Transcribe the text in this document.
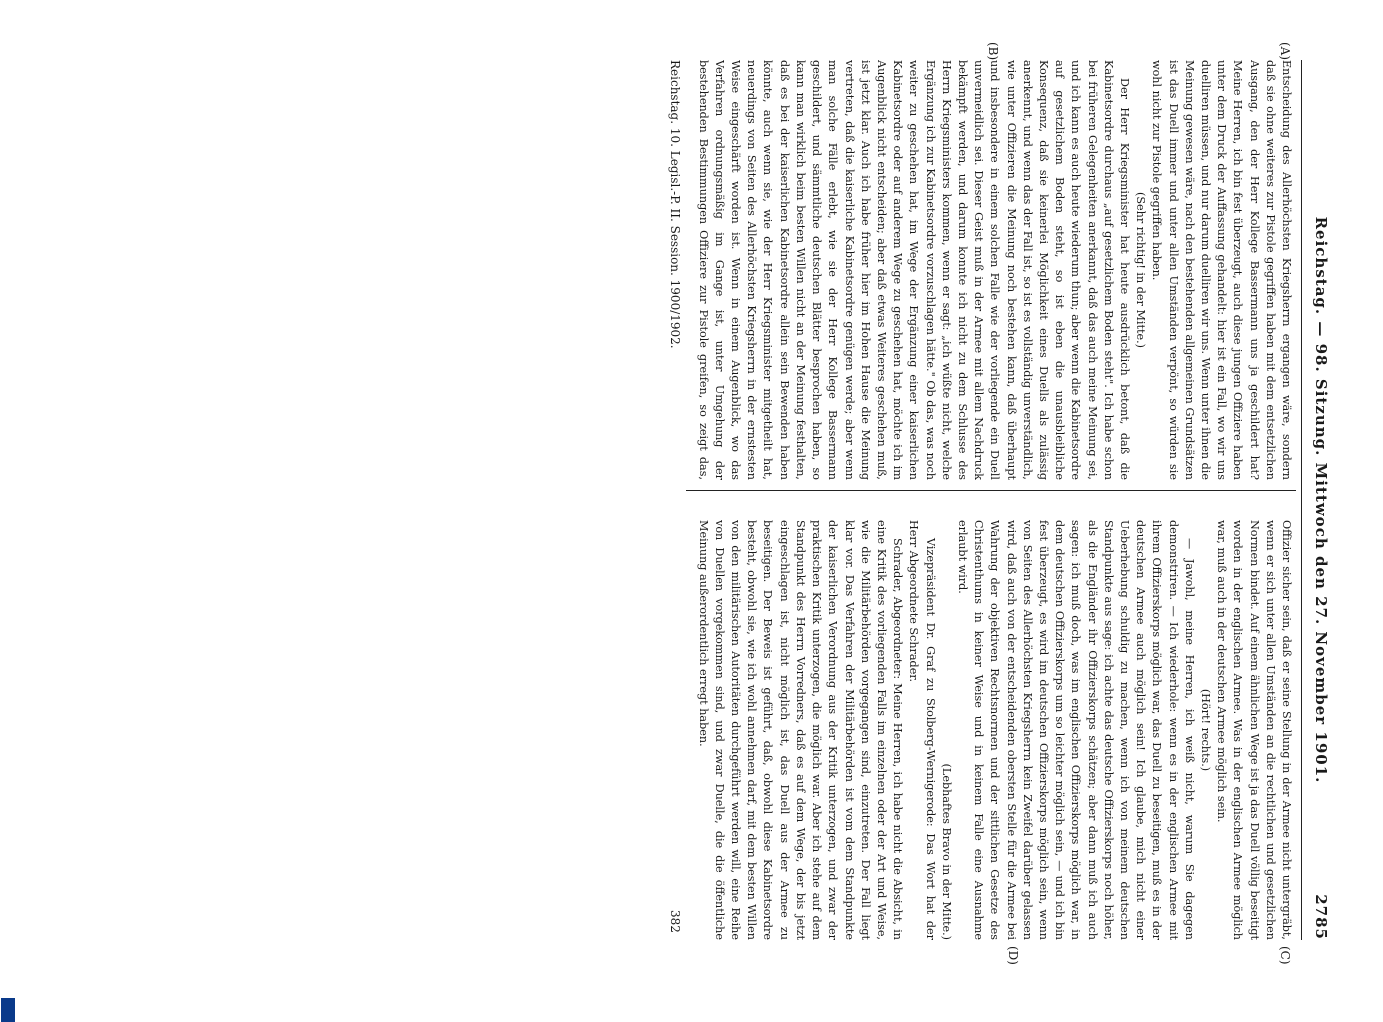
Reichstag. — 98. Sitzung. Mittwoch den 27. November 1901.
2785
(A)
(B)
(C)
(D)

Entscheidung des Allerhöchsten Kriegsherrn ergangen wäre, sondern daß sie ohne weiteres zur Pistole gegriffen haben mit dem entsetzlichen Ausgang, den der Herr Kollege Bassermann uns ja geschildert hat? Meine Herren, ich bin fest überzeugt, auch diese jungen Offiziere haben unter dem Druck der Auffassung gehandelt: hier ist ein Fall, wo wir uns duelliren müssen, und nur darum duelliren wir uns. Wenn unter ihnen die Meinung gewesen wäre, nach den bestehenden allgemeinen Grundsätzen ist das Duell immer und unter allen Umständen verpönt, so würden sie wohl nicht zur Pistole gegriffen haben.

(Sehr richtig! in der Mitte.)

Der Herr Kriegsminister hat heute ausdrücklich betont, daß die Kabinetsordre durchaus „auf gesetzlichem Boden steht". Ich habe schon bei früheren Gelegenheiten anerkannt, daß das auch meine Meinung sei, und ich kann es auch heute wiederum thun; aber wenn die Kabinetsordre auf gesetzlichem Boden steht, so ist eben die unausbleibliche Konsequenz, daß sie keinerlei Möglichkeit eines Duells als zulässig anerkennt, und wenn das der Fall ist, so ist es vollständig unverständlich, wie unter Offizieren die Meinung noch bestehen kann, daß überhaupt und insbesondere in einem solchen Falle wie der vorliegende ein Duell unvermeidlich sei. Dieser Geist muß in der Armee mit allem Nachdruck bekämpft werden, und darum konnte ich nicht zu dem Schlusse des Herrn Kriegsministers kommen, wenn er sagt: „ich wüßte nicht, welche Ergänzung ich zur Kabinetsordre vorzuschlagen hätte." Ob das, was noch weiter zu geschehen hat, im Wege der Ergänzung einer kaiserlichen Kabinetsordre oder auf anderem Wege zu geschehen hat, möchte ich im Augenblick nicht entscheiden; aber daß etwas Weiteres geschehen muß, ist jetzt klar. Auch ich habe früher hier im Hohen Hause die Meinung vertreten, daß die kaiserliche Kabinetsordre genügen werde; aber wenn man solche Fälle erlebt, wie sie der Herr Kollege Bassermann geschildert, und sämmtliche deutschen Blätter besprochen haben, so kann man wirklich beim besten Willen nicht an der Meinung festhalten, daß es bei der kaiserlichen Kabinetsordre allein sein Bewenden haben könnte, auch wenn sie, wie der Herr Kriegsminister mitgetheilt hat, neuerdings von Seiten des Allerhöchsten Kriegsherrn in der ernstesten Weise eingeschärft worden ist. Wenn in einem Augenblick, wo das Verfahren ordnungsmäßig im Gange ist, unter Umgehung der bestehenden Bestimmungen Offiziere zur Pistole greifen, so zeigt das,

Offizier sicher sein, daß er seine Stellung in der Armee nicht untergräbt, wenn er sich unter allen Umständen an die rechtlichen und gesetzlichen Normen bindet. Auf einem ähnlichen Wege ist ja das Duell völlig beseitigt worden in der englischen Armee. Was in der englischen Armee möglich war, muß auch in der deutschen Armee möglich sein.

(Hört! rechts.)

— Jawohl, meine Herren, ich weiß nicht, warum Sie dagegen demonstriren. — Ich wiederhole: wenn es in der englischen Armee mit ihrem Offizierskorps möglich war, das Duell zu beseitigen, muß es in der deutschen Armee auch möglich sein! Ich glaube, mich nicht einer Ueberhebung schuldig zu machen, wenn ich von meinem deutschen Standpunkte aus sage: ich achte das deutsche Offizierskorps noch höher, als die Engländer ihr Offizierskorps schätzen; aber dann muß ich auch sagen: ich muß doch, was im englischen Offizierskorps möglich war, in dem deutschen Offizierskorps um so leichter möglich sein, — und ich bin fest überzeugt, es wird im deutschen Offizierskorps möglich sein, wenn von Seiten des Allerhöchsten Kriegsherrn kein Zweifel darüber gelassen wird, daß auch von der entscheidenden obersten Stelle für die Armee bei Wahrung der objektiven Rechtsnormen und der sittlichen Gesetze des Christenthums in keiner Weise und in keinem Falle eine Ausnahme erlaubt wird.

(Lebhaftes Bravo in der Mitte.)

Vizepräsident Dr. Graf zu Stolberg-Wernigerode: Das Wort hat der Herr Abgeordnete Schrader.

Schrader, Abgeordneter: Meine Herren, ich habe nicht die Absicht, in eine Kritik des vorliegenden Falls im einzelnen oder der Art und Weise, wie die Militärbehörden vorgegangen sind, einzutreten. Der Fall liegt klar vor. Das Verfahren der Militärbehörden ist vom dem Standpunkte der kaiserlichen Verordnung aus der Kritik unterzogen, und zwar der praktischen Kritik unterzogen, die möglich war. Aber ich stehe auf dem Standpunkt des Herrn Vorredners, daß es auf dem Wege, der bis jetzt eingeschlagen ist, nicht möglich ist, das Duell aus der Armee zu beseitigen. Der Beweis ist geführt, daß, obwohl diese Kabinetsordre besteht, obwohl sie, wie ich wohl annehmen darf, mit dem besten Willen von den militärischen Autoritäten durchgeführt werden will, eine Reihe von Duellen vorgekommen sind, und zwar Duelle, die die öffentliche Meinung außerordentlich erregt haben.

Reichstag. 10. Legisl.-P. II. Session. 1900/1902.
382
